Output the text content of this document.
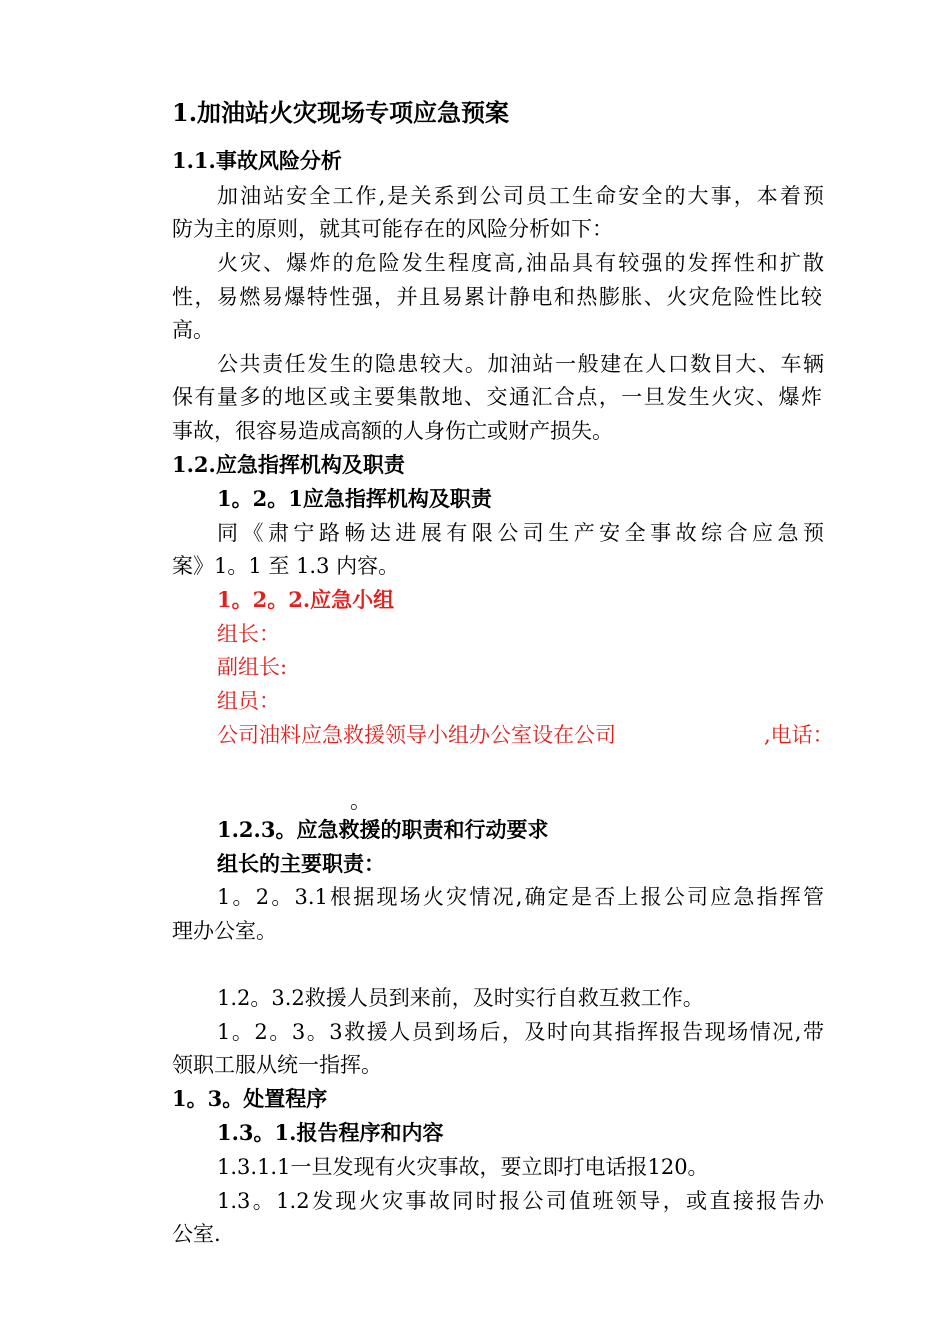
1.加油站火灾现场专项应急预案
1.1.事故风险分析
加油站安全工作,是关系到公司员工生命安全的大事，本着预
防为主的原则，就其可能存在的风险分析如下：
火灾、爆炸的危险发生程度高,油品具有较强的发挥性和扩散
性，易燃易爆特性强，并且易累计静电和热膨胀、火灾危险性比较
高。
公共责任发生的隐患较大。加油站一般建在人口数目大、车辆
保有量多的地区或主要集散地、交通汇合点，一旦发生火灾、爆炸
事故，很容易造成高额的人身伤亡或财产损失。
1.2.应急指挥机构及职责
1。2。1应急指挥机构及职责
同《肃宁路畅达进展有限公司生产安全事故综合应急预
案》1。1 至 1.3 内容。
1。2。2.应急小组
组长：
副组长:
组员：
公司油料应急救援领导小组办公室设在公司	,电话：
。
1.2.3。应急救援的职责和行动要求
组长的主要职责：
1。2。3.1根据现场火灾情况,确定是否上报公司应急指挥管
理办公室。
1.2。3.2救援人员到来前，及时实行自救互救工作。
1。2。3。3救援人员到场后，及时向其指挥报告现场情况,带
领职工服从统一指挥。
1。3。处置程序
1.3。1.报告程序和内容
1.3.1.1一旦发现有火灾事故，要立即打电话报120。
1.3。1.2发现火灾事故同时报公司值班领导，或直接报告办
公室.
